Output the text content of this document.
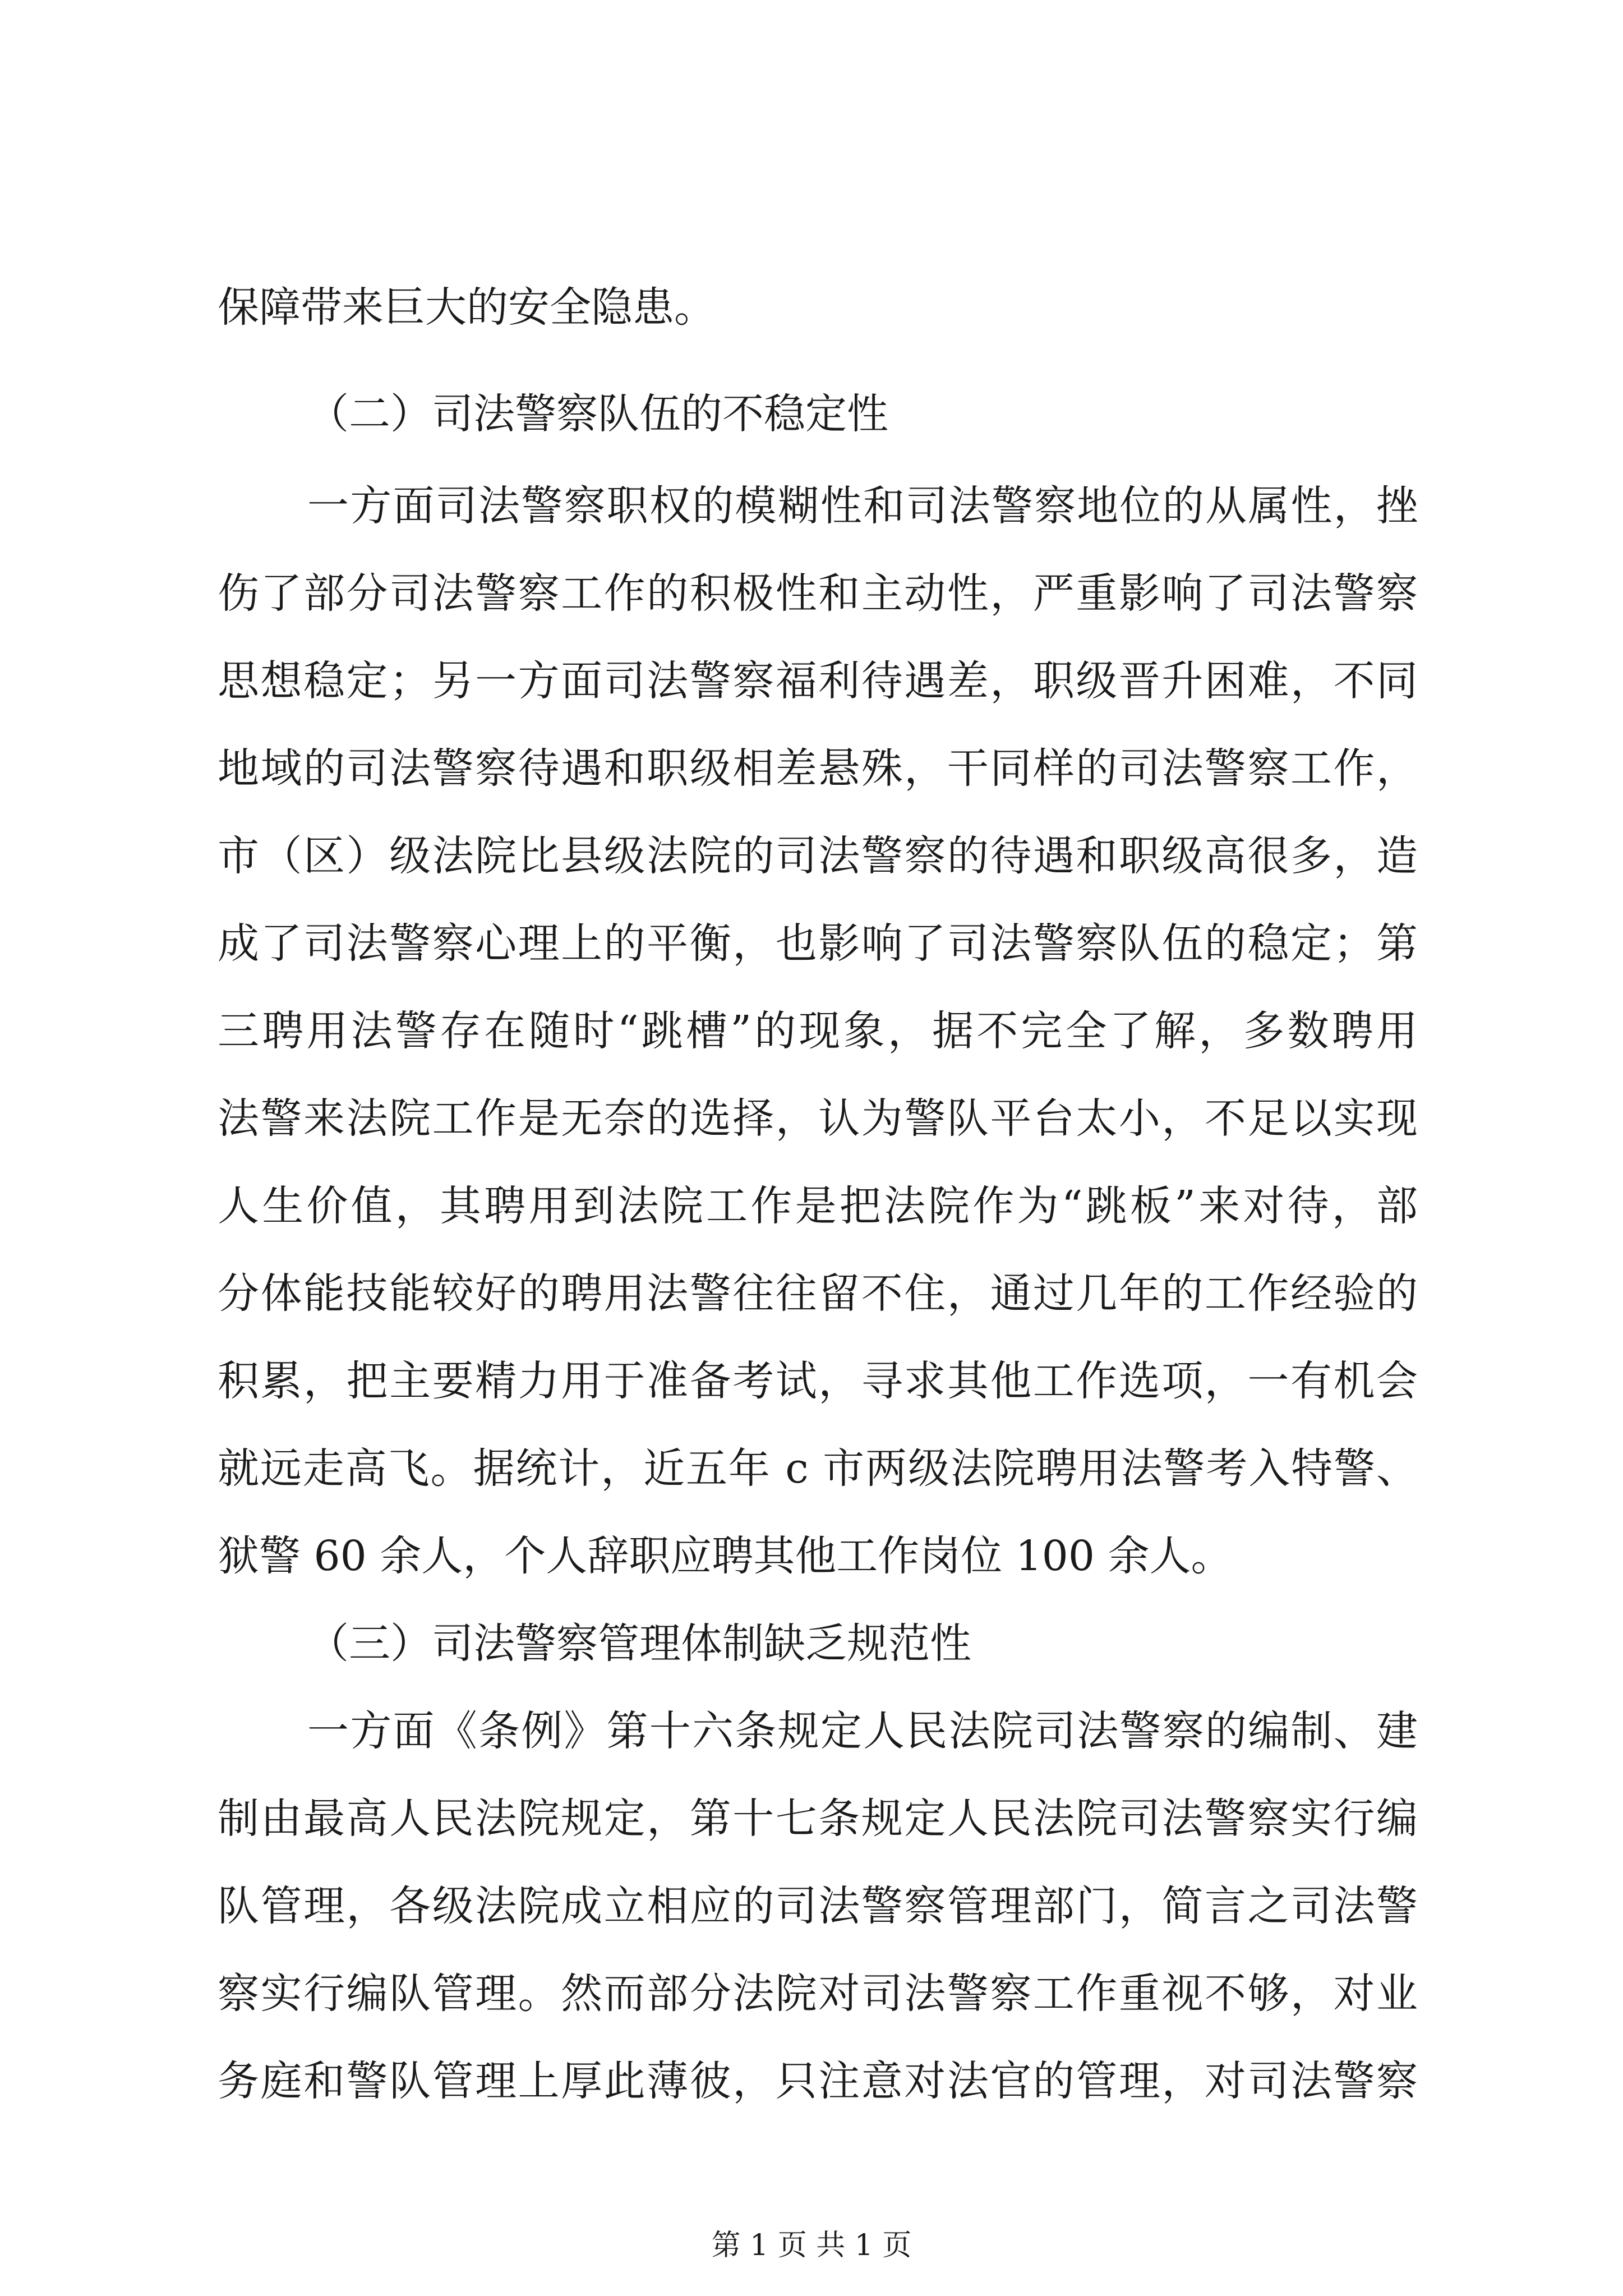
保障带来巨大的安全隐患。

（二）司法警察队伍的不稳定性

一方面司法警察职权的模糊性和司法警察地位的从属性，挫

伤了部分司法警察工作的积极性和主动性，严重影响了司法警察

思想稳定；另一方面司法警察福利待遇差，职级晋升困难，不同

地域的司法警察待遇和职级相差悬殊，干同样的司法警察工作，

市（区）级法院比县级法院的司法警察的待遇和职级高很多，造

成了司法警察心理上的平衡，也影响了司法警察队伍的稳定；第

三聘用法警存在随时“跳槽”的现象，据不完全了解，多数聘用

法警来法院工作是无奈的选择，认为警队平台太小，不足以实现

人生价值，其聘用到法院工作是把法院作为“跳板”来对待，部

分体能技能较好的聘用法警往往留不住，通过几年的工作经验的

积累，把主要精力用于准备考试，寻求其他工作选项，一有机会

就远走高飞。据统计，近五年 c 市两级法院聘用法警考入特警、

狱警 60 余人，个人辞职应聘其他工作岗位 100 余人。

（三）司法警察管理体制缺乏规范性

一方面《条例》第十六条规定人民法院司法警察的编制、建

制由最高人民法院规定，第十七条规定人民法院司法警察实行编

队管理，各级法院成立相应的司法警察管理部门，简言之司法警

察实行编队管理。然而部分法院对司法警察工作重视不够，对业

务庭和警队管理上厚此薄彼，只注意对法官的管理，对司法警察

第 1 页 共 1 页
